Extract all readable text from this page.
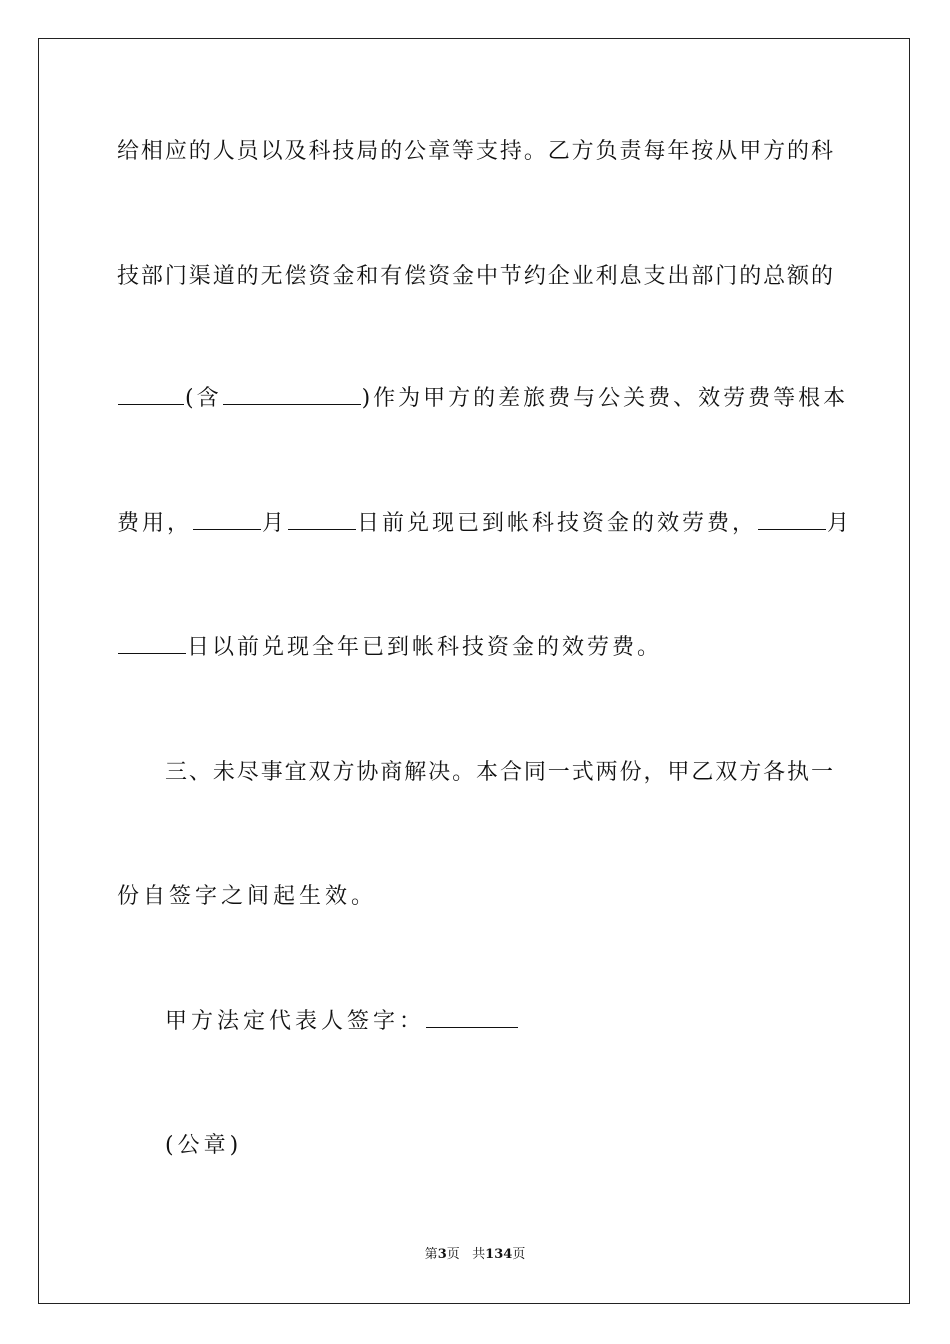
给相应的人员以及科技局的公章等支持。乙方负责每年按从甲方的科
技部门渠道的无偿资金和有偿资金中节约企业利息支出部门的总额的
(含	)作为甲方的差旅费与公关费、效劳费等根本
费用，	月	日前兑现已到帐科技资金的效劳费，	月
日以前兑现全年已到帐科技资金的效劳费。
三、未尽事宜双方协商解决。本合同一式两份，甲乙双方各执一
份自签字之间起生效。
甲方法定代表人签字：
(公章)
第3页 共134页
